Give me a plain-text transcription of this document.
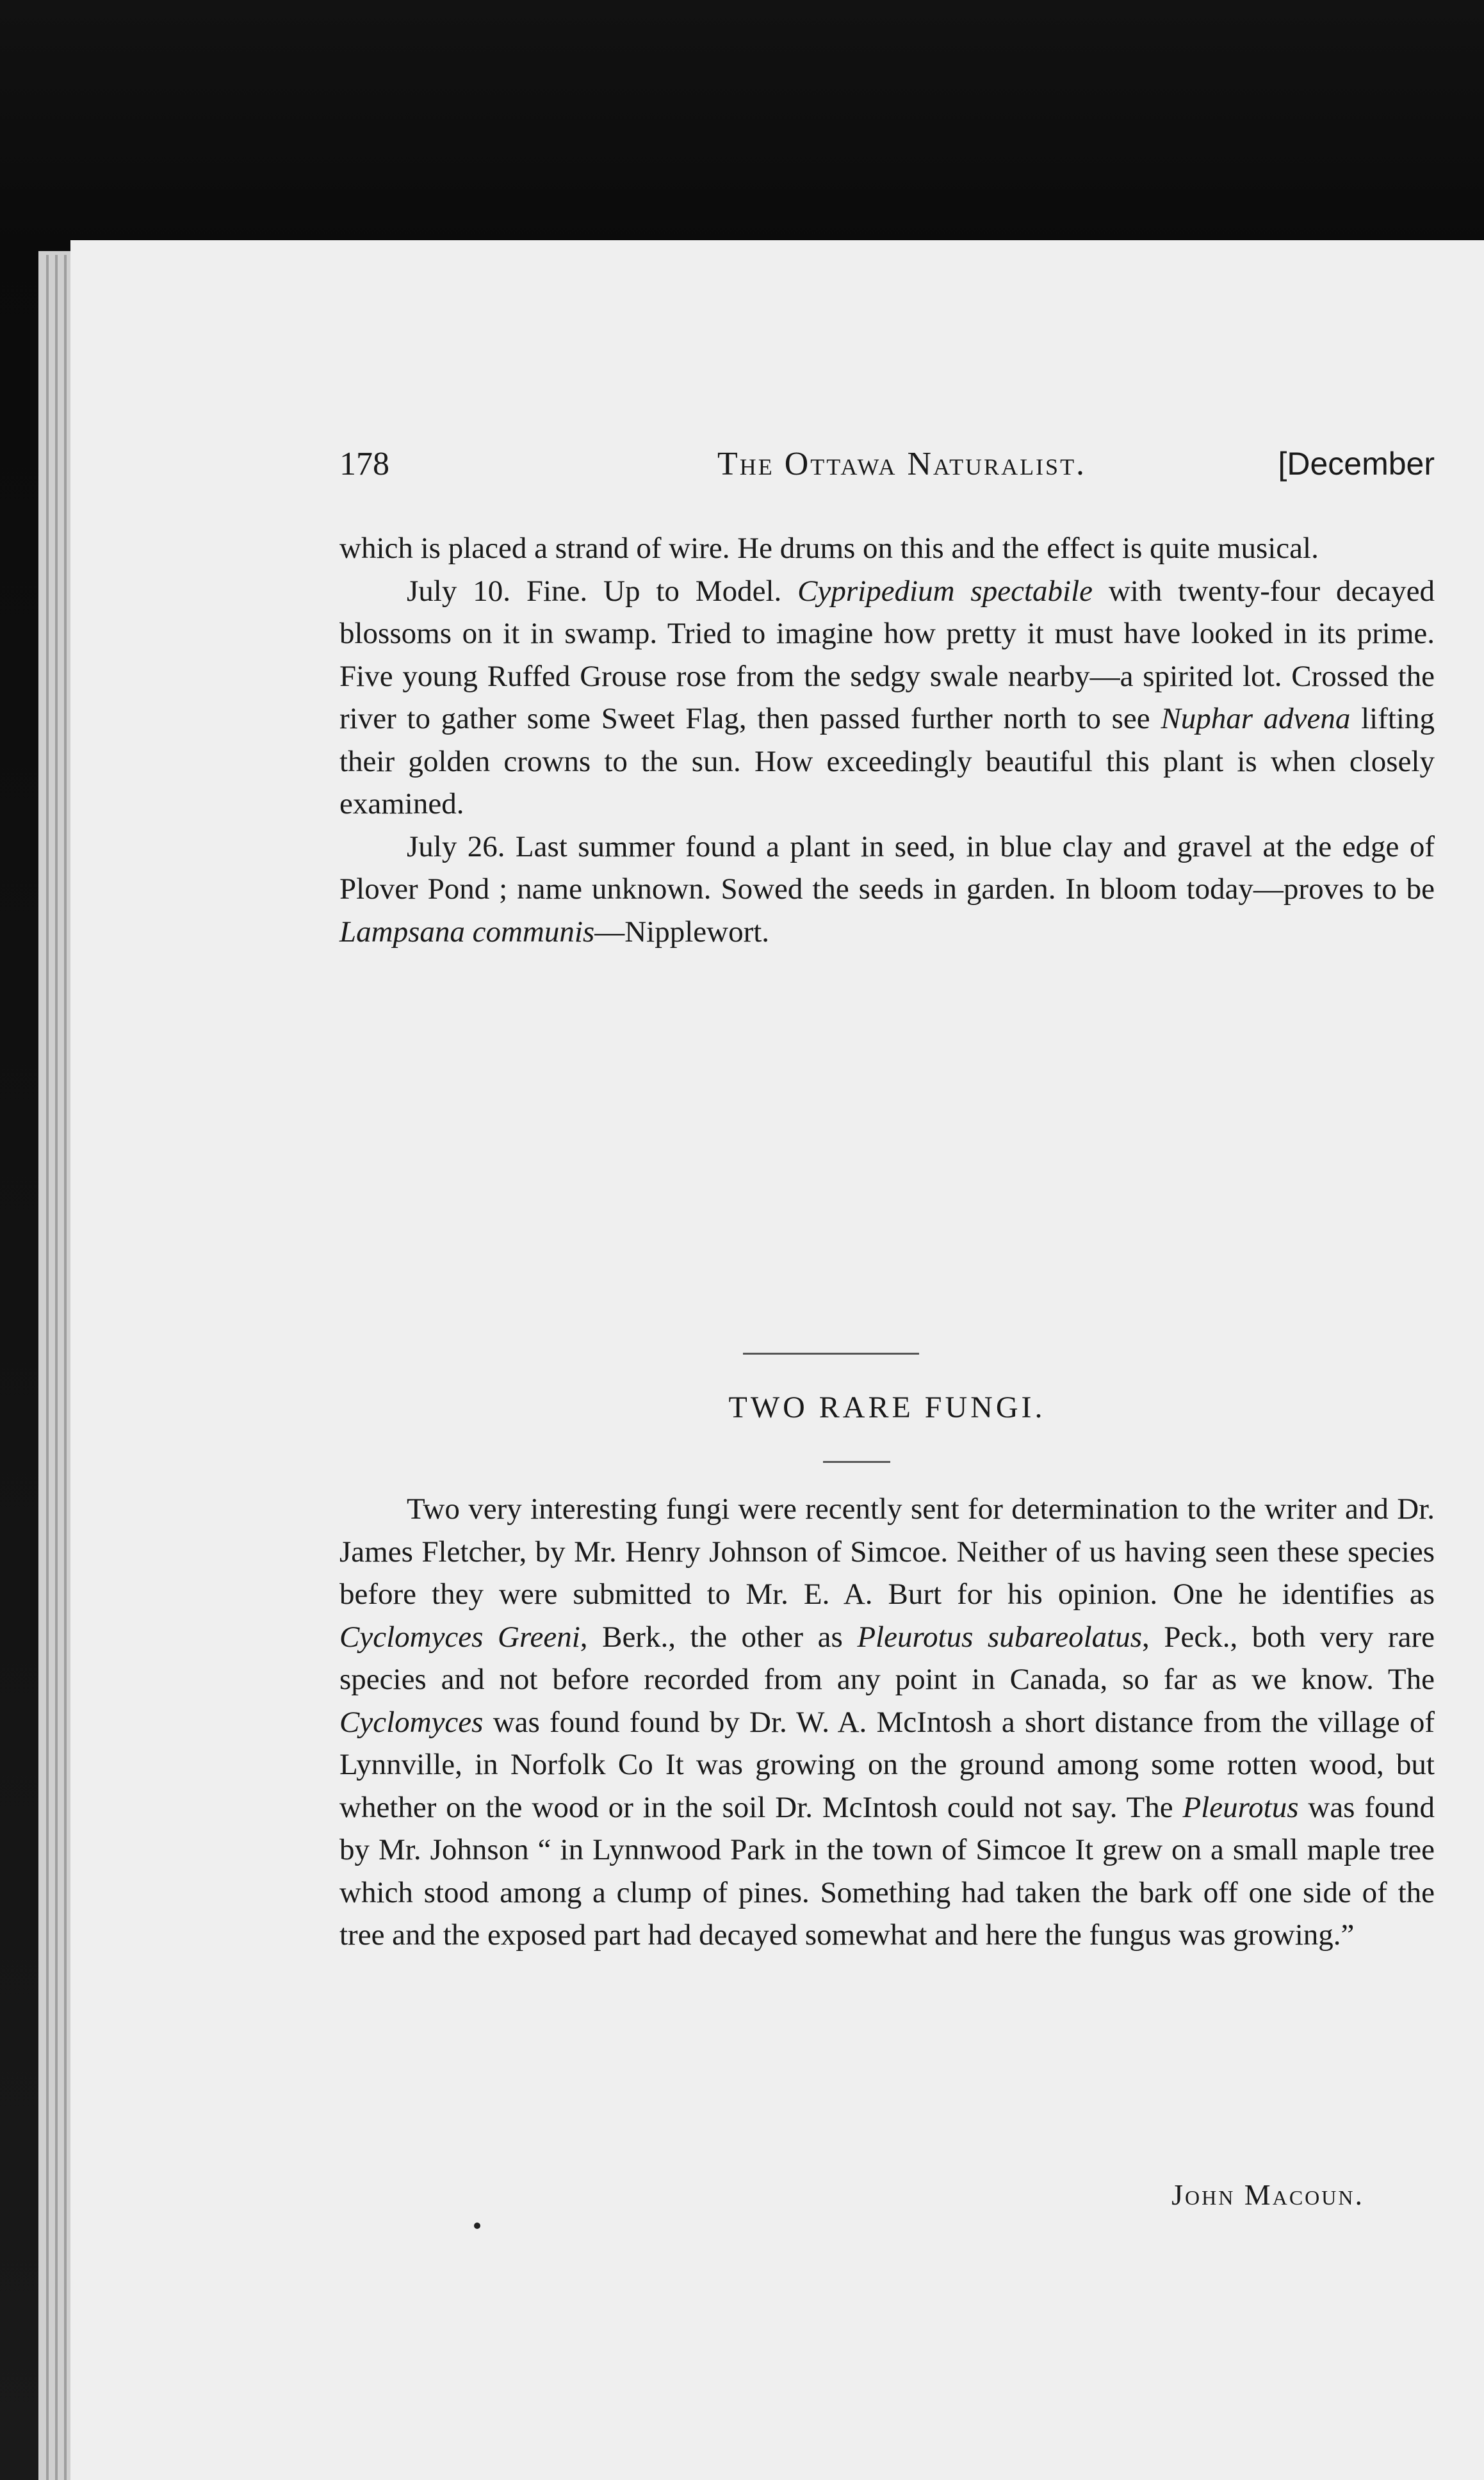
178	The Ottawa Naturalist.	[December

which is placed a strand of wire. He drums on this and the effect is quite musical.

July 10. Fine. Up to Model. Cypripedium spectabile with twenty-four decayed blossoms on it in swamp. Tried to imagine how pretty it must have looked in its prime. Five young Ruffed Grouse rose from the sedgy swale nearby—a spirited lot. Crossed the river to gather some Sweet Flag, then passed further north to see Nuphar advena lifting their golden crowns to the sun. How exceedingly beautiful this plant is when closely examined.

July 26. Last summer found a plant in seed, in blue clay and gravel at the edge of Plover Pond ; name unknown. Sowed the seeds in garden. In bloom today—proves to be Lampsana communis—Nipplewort.

TWO RARE FUNGI.

Two very interesting fungi were recently sent for determination to the writer and Dr. James Fletcher, by Mr. Henry Johnson of Simcoe. Neither of us having seen these species before they were submitted to Mr. E. A. Burt for his opinion. One he identifies as Cyclomyces Greeni, Berk., the other as Pleurotus subareolatus, Peck., both very rare species and not before recorded from any point in Canada, so far as we know. The Cyclomyces was found found by Dr. W. A. McIntosh a short distance from the village of Lynnville, in Norfolk Co It was growing on the ground among some rotten wood, but whether on the wood or in the soil Dr. McIntosh could not say. The Pleurotus was found by Mr. Johnson “ in Lynnwood Park in the town of Simcoe It grew on a small maple tree which stood among a clump of pines. Something had taken the bark off one side of the tree and the exposed part had decayed somewhat and here the fungus was growing.”

John Macoun.
